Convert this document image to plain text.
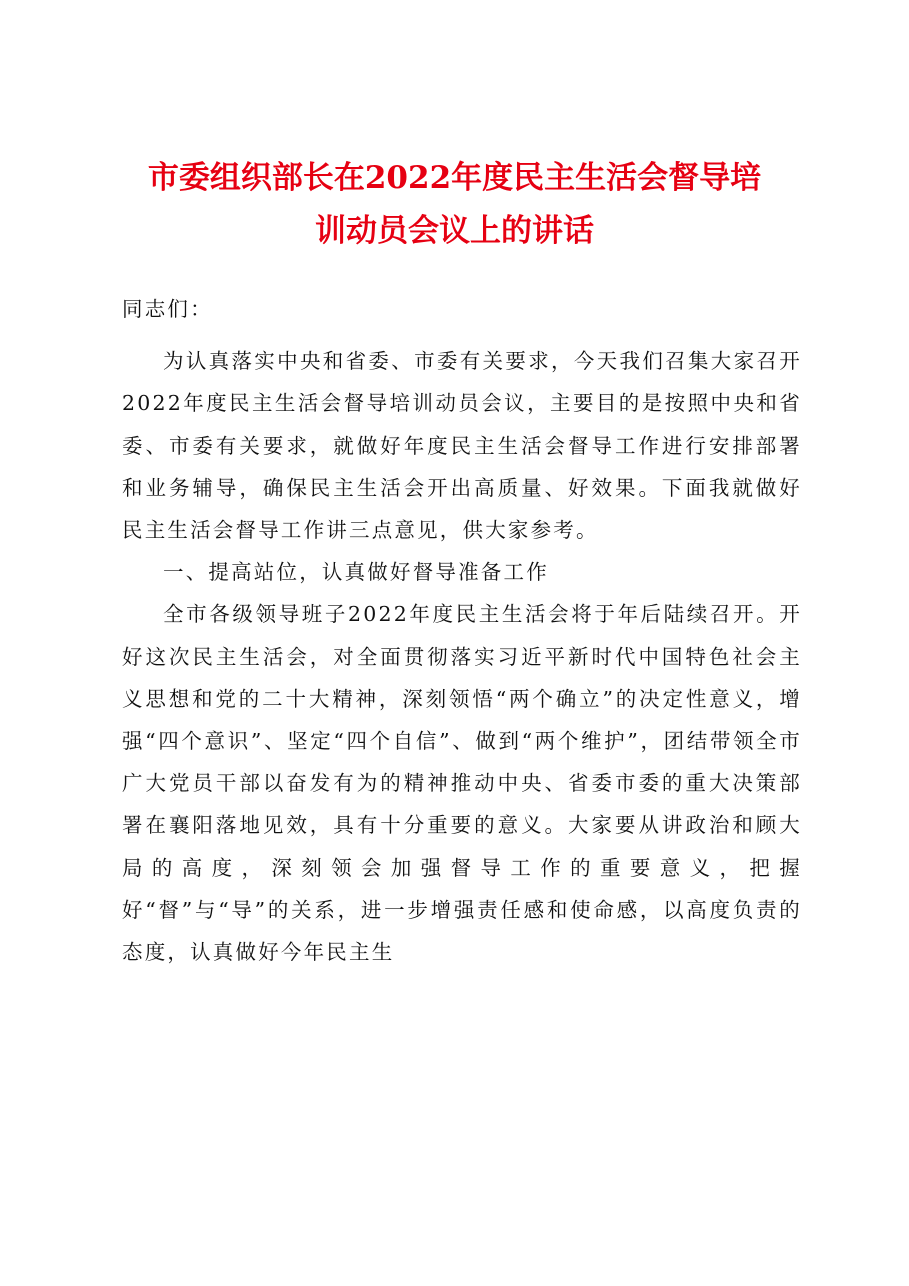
市委组织部长在2022年度民主生活会督导培
训动员会议上的讲话

同志们：

为认真落实中央和省委、市委有关要求，今天我们召集大家召开2022年度民主生活会督导培训动员会议，主要目的是按照中央和省委、市委有关要求，就做好年度民主生活会督导工作进行安排部署和业务辅导，确保民主生活会开出高质量、好效果。下面我就做好民主生活会督导工作讲三点意见，供大家参考。

一、提高站位，认真做好督导准备工作

全市各级领导班子2022年度民主生活会将于年后陆续召开。开好这次民主生活会，对全面贯彻落实习近平新时代中国特色社会主义思想和党的二十大精神，深刻领悟“两个确立”的决定性意义，增强“四个意识”、坚定“四个自信”、做到“两个维护”，团结带领全市广大党员干部以奋发有为的精神推动中央、省委市委的重大决策部署在襄阳落地见效，具有十分重要的意义。大家要从讲政治和顾大局的高度，深刻领会加强督导工作的重要意义，把握好“督”与“导”的关系，进一步增强责任感和使命感，以高度负责的态度，认真做好今年民主生
